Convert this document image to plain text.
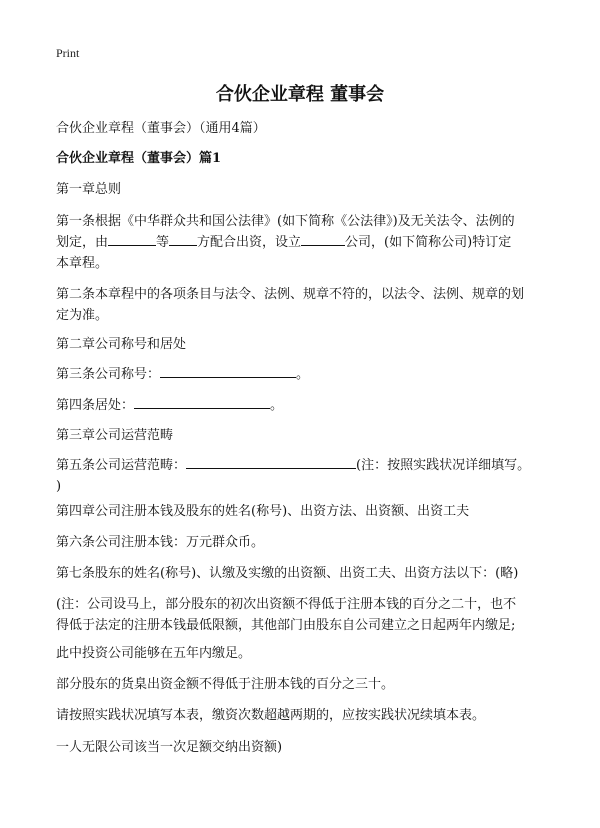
Print
合伙企业章程 董事会

合伙企业章程（董事会）（通用4篇）

合伙企业章程（董事会）篇1

第一章总则

第一条根据《中华群众共和国公法律》(如下简称《公法律》)及无关法令、法例的

划定，由	等 方配合出资，设立	公司，(如下简称公司)特订定

本章程。

第二条本章程中的各项条目与法令、法例、规章不符的，以法令、法例、规章的划

定为准。

第二章公司称号和居处

第三条公司称号：	。

第四条居处：	。

第三章公司运营范畴

第五条公司运营范畴：	(注：按照实践状况详细填写。

)

第四章公司注册本钱及股东的姓名(称号)、出资方法、出资额、出资工夫

第六条公司注册本钱：万元群众币。

第七条股东的姓名(称号)、认缴及实缴的出资额、出资工夫、出资方法以下：(略)

(注：公司设马上，部分股东的初次出资额不得低于注册本钱的百分之二十，也不

得低于法定的注册本钱最低限额，其他部门由股东自公司建立之日起两年内缴足;

此中投资公司能够在五年内缴足。

部分股东的货臬出资金额不得低于注册本钱的百分之三十。

请按照实践状况填写本表，缴资次数超越两期的，应按实践状况续填本表。

一人无限公司该当一次足额交纳出资额)
